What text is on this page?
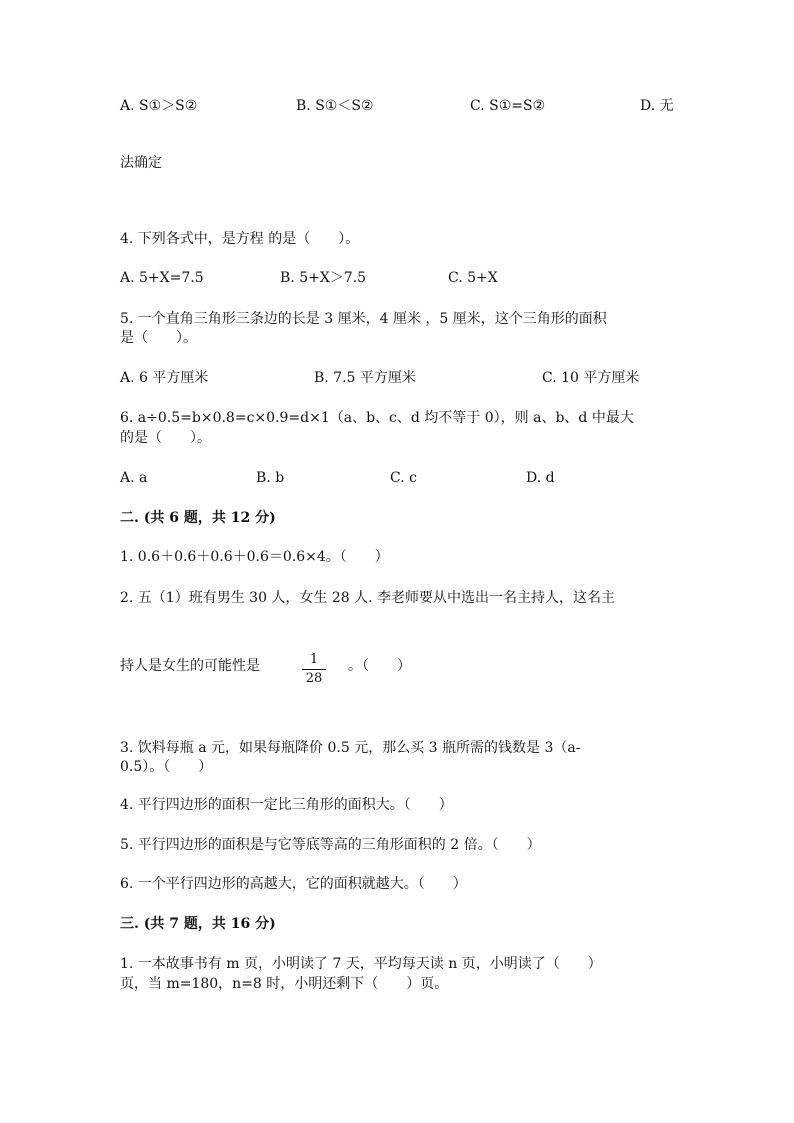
A. S①＞S②	B. S①＜S②	C. S①=S②	D. 无
法确定
4. 下列各式中，是方程 的是（　　）。
A. 5+X=7.5	B. 5+X＞7.5	C. 5+X
5. 一个直角三角形三条边的长是 3 厘米，4 厘米 ，5 厘米，这个三角形的面积
是（　　）。
A. 6 平方厘米	B. 7.5 平方厘米	C. 10 平方厘米
6. a÷0.5=b×0.8=c×0.9=d×1（a、b、c、d 均不等于 0），则 a、b、d 中最大
的是（　　）。
A. a	B. b	C. c	D. d
二. (共 6 题，共 12 分)
1. 0.6＋0.6＋0.6＋0.6＝0.6×4。（　　）
2. 五（1）班有男生 30 人，女生 28 人. 李老师要从中选出一名主持人，这名主
持人是女生的可能性是	1
28
。（　　）
3. 饮料每瓶 a 元，如果每瓶降价 0.5 元，那么买 3 瓶所需的钱数是 3（a-
0.5）。（　　）
4. 平行四边形的面积一定比三角形的面积大。（　　）
5. 平行四边形的面积是与它等底等高的三角形面积的 2 倍。（　　）
6. 一个平行四边形的高越大，它的面积就越大。（　　）
三. (共 7 题，共 16 分)
1. 一本故事书有 m 页，小明读了 7 天，平均每天读 n 页，小明读了（　　）
页，当 m=180，n=8 时，小明还剩下（　　）页。
